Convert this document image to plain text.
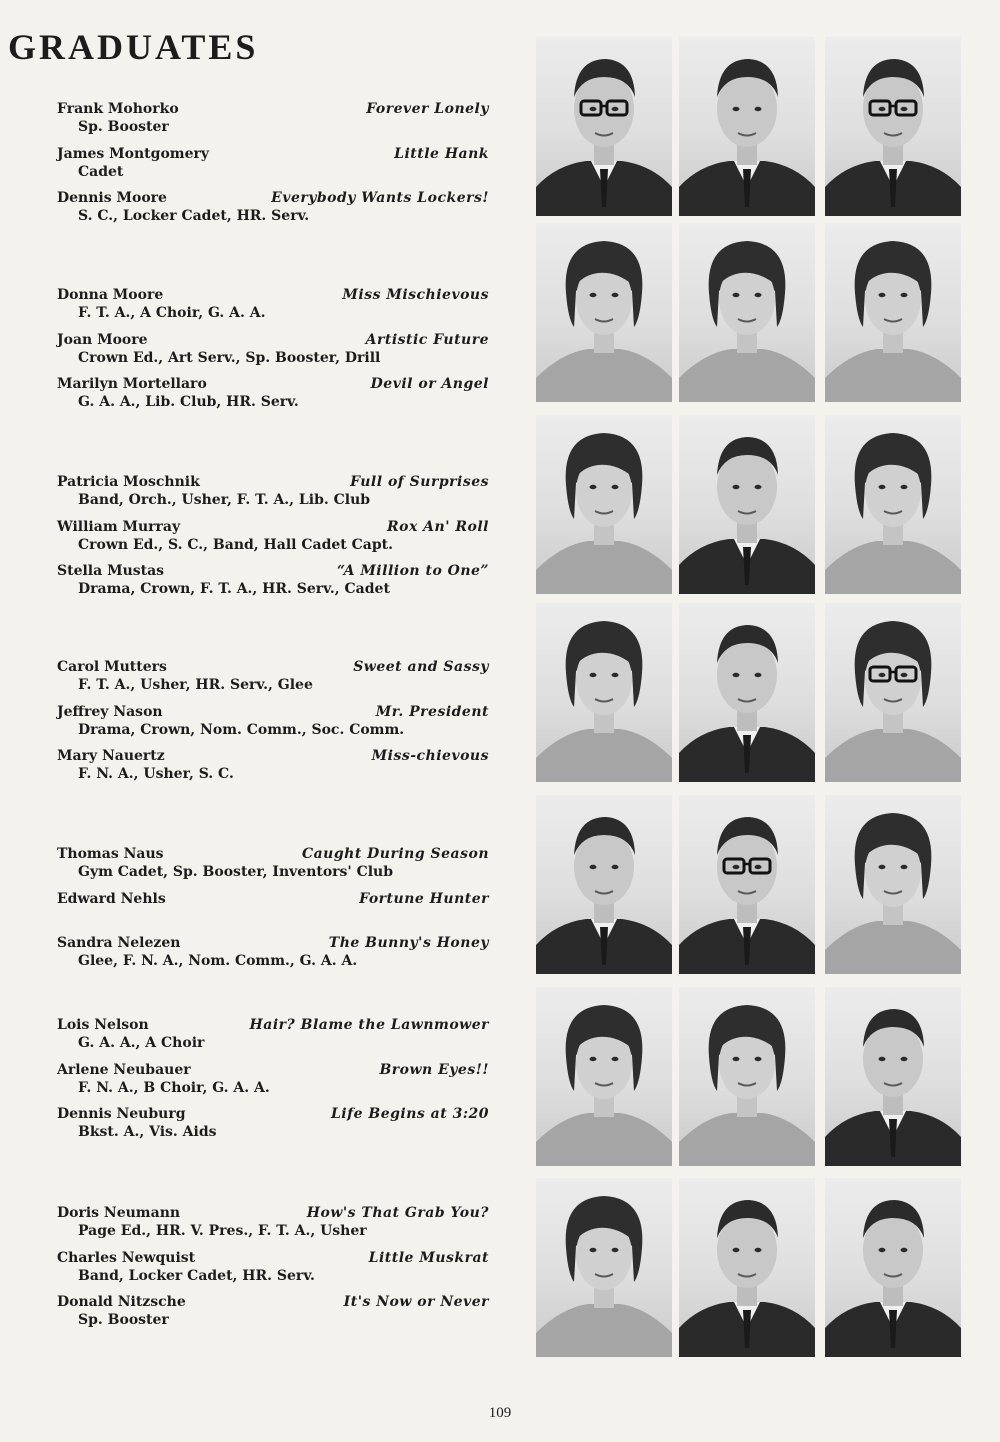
GRADUATES
Frank Mohorko	Forever Lonely
Sp. Booster
James Montgomery	Little Hank
Cadet
Dennis Moore	Everybody Wants Lockers!
S. C., Locker Cadet, HR. Serv.
Donna Moore	Miss Mischievous
F. T. A., A Choir, G. A. A.
Joan Moore	Artistic Future
Crown Ed., Art Serv., Sp. Booster, Drill
Marilyn Mortellaro	Devil or Angel
G. A. A., Lib. Club, HR. Serv.
Patricia Moschnik	Full of Surprises
Band, Orch., Usher, F. T. A., Lib. Club
William Murray	Rox An' Roll
Crown Ed., S. C., Band, Hall Cadet Capt.
Stella Mustas	“A Million to One”
Drama, Crown, F. T. A., HR. Serv., Cadet
Carol Mutters	Sweet and Sassy
F. T. A., Usher, HR. Serv., Glee
Jeffrey Nason	Mr. President
Drama, Crown, Nom. Comm., Soc. Comm.
Mary Nauertz	Miss-chievous
F. N. A., Usher, S. C.
Thomas Naus	Caught During Season
Gym Cadet, Sp. Booster, Inventors' Club
Edward Nehls	Fortune Hunter
Sandra Nelezen	The Bunny's Honey
Glee, F. N. A., Nom. Comm., G. A. A.
Lois Nelson	Hair? Blame the Lawnmower
G. A. A., A Choir
Arlene Neubauer	Brown Eyes!!
F. N. A., B Choir, G. A. A.
Dennis Neuburg	Life Begins at 3:20
Bkst. A., Vis. Aids
Doris Neumann	How's That Grab You?
Page Ed., HR. V. Pres., F. T. A., Usher
Charles Newquist	Little Muskrat
Band, Locker Cadet, HR. Serv.
Donald Nitzsche	It's Now or Never
Sp. Booster
109
